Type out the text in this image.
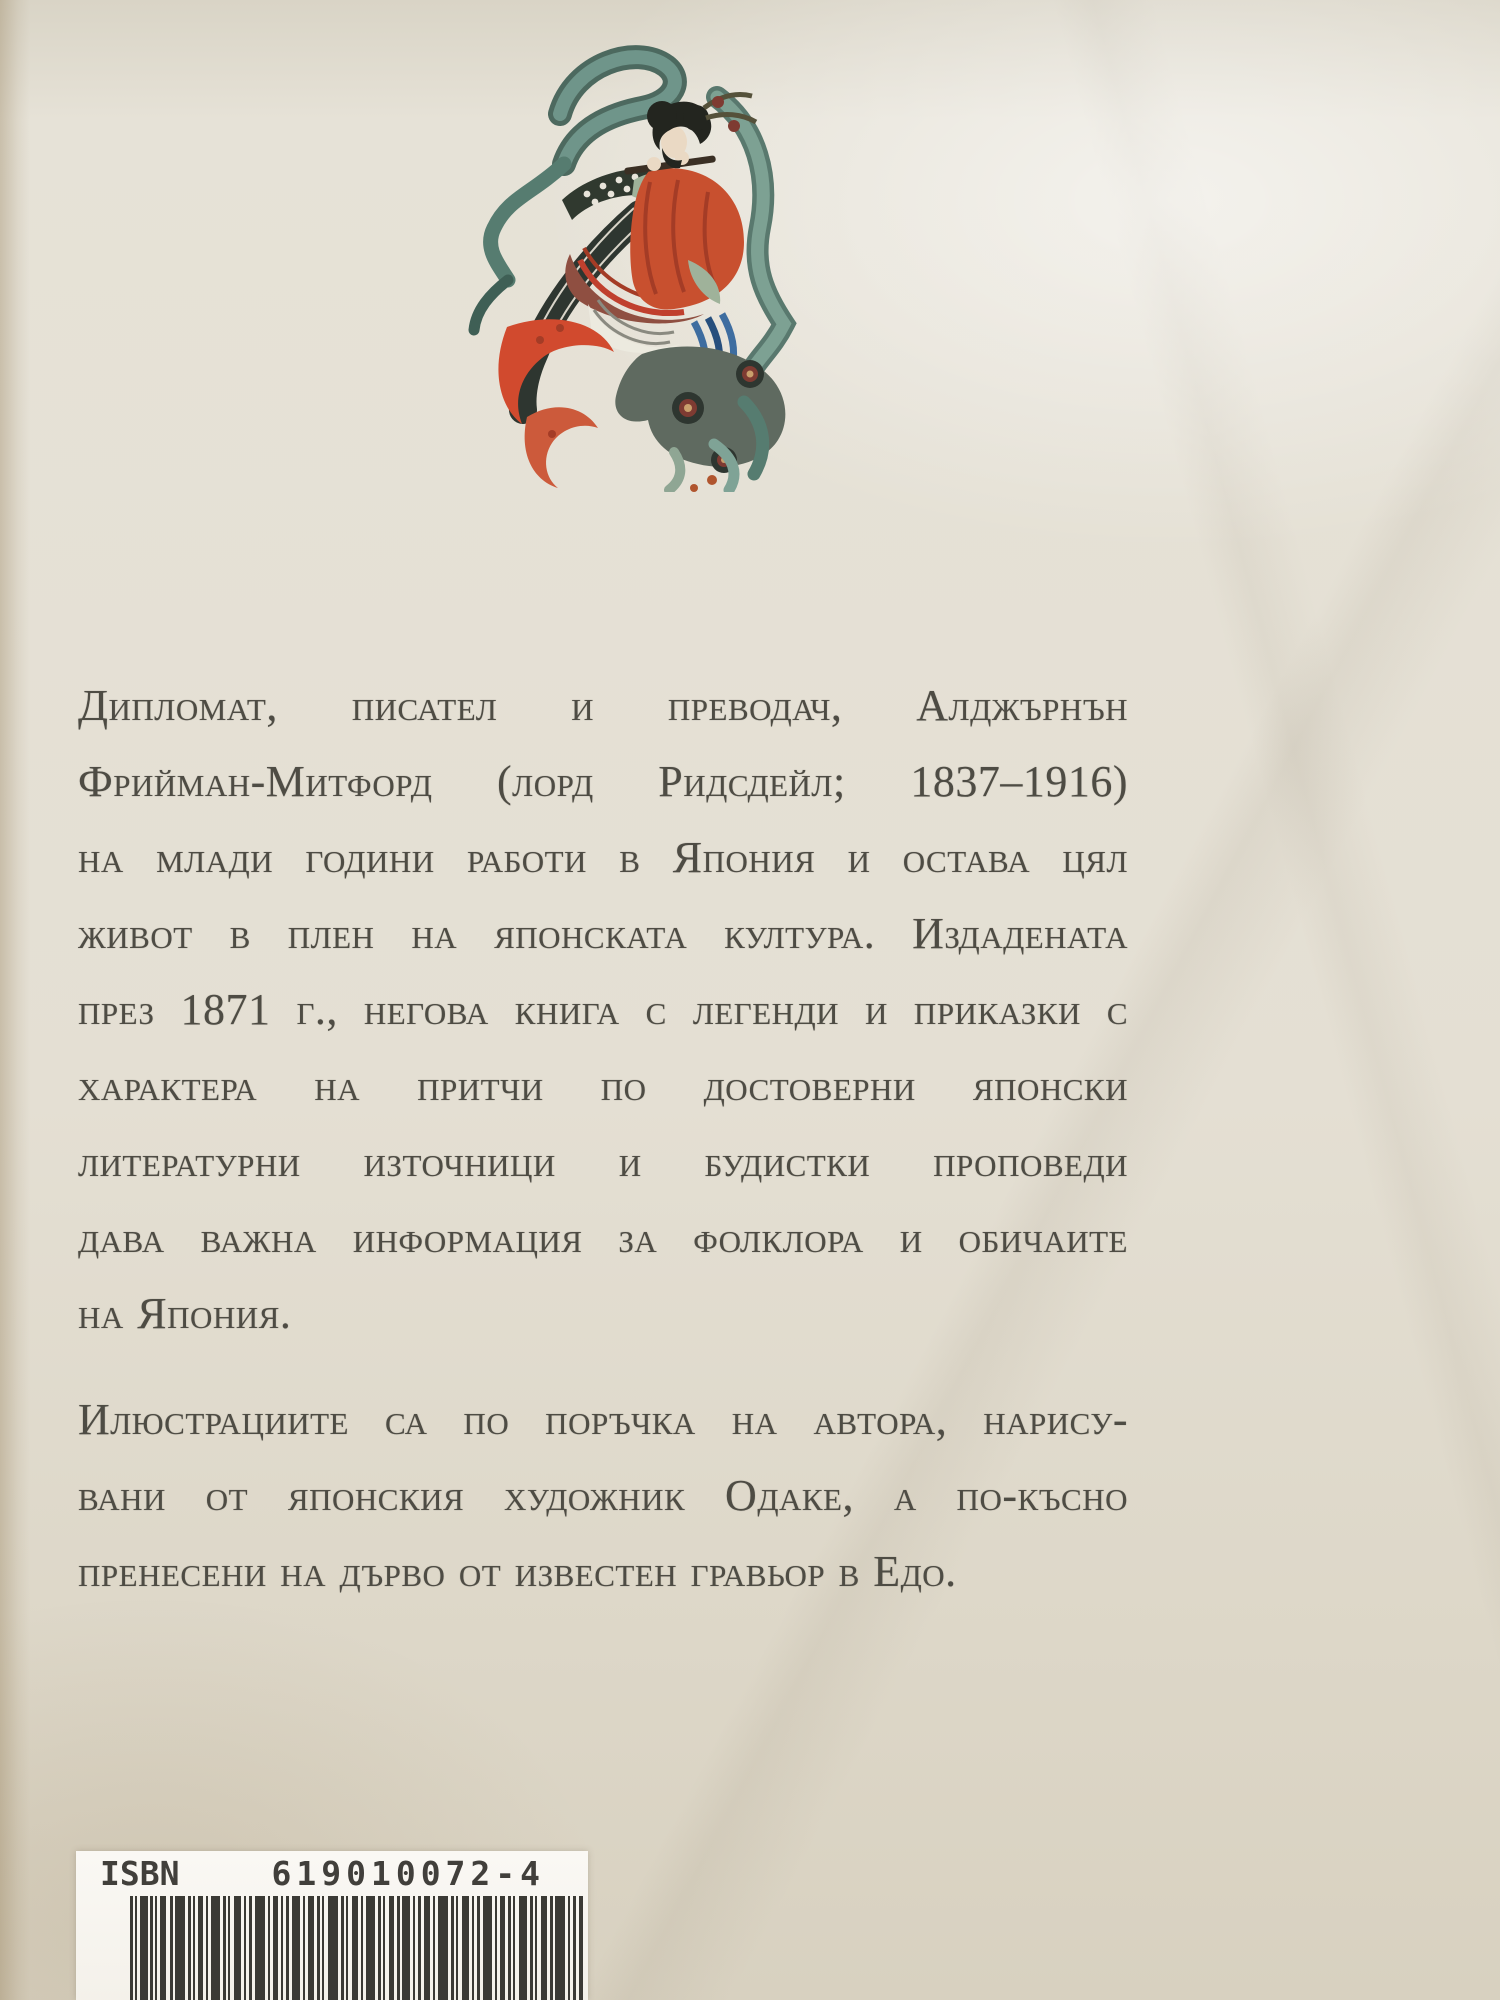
Дипломат, писател и преводач, Алджърнън
Фрийман-Митфорд (лорд Ридсдейл; 1837–1916)
на млади години работи в Япония и остава цял
живот в плен на японската култура. Издадената
през 1871 г., негова книга с легенди и приказки с
характера на притчи по достоверни японски
литературни източници и будистки проповеди
дава важна информация за фолклора и обичаите
на Япония.
Илюстрациите са по поръчка на автора, нарису-
вани от японския художник Одаке, а по-късно
пренесени на дърво от известен гравьор в Едо.
ISBN	619010072-4
